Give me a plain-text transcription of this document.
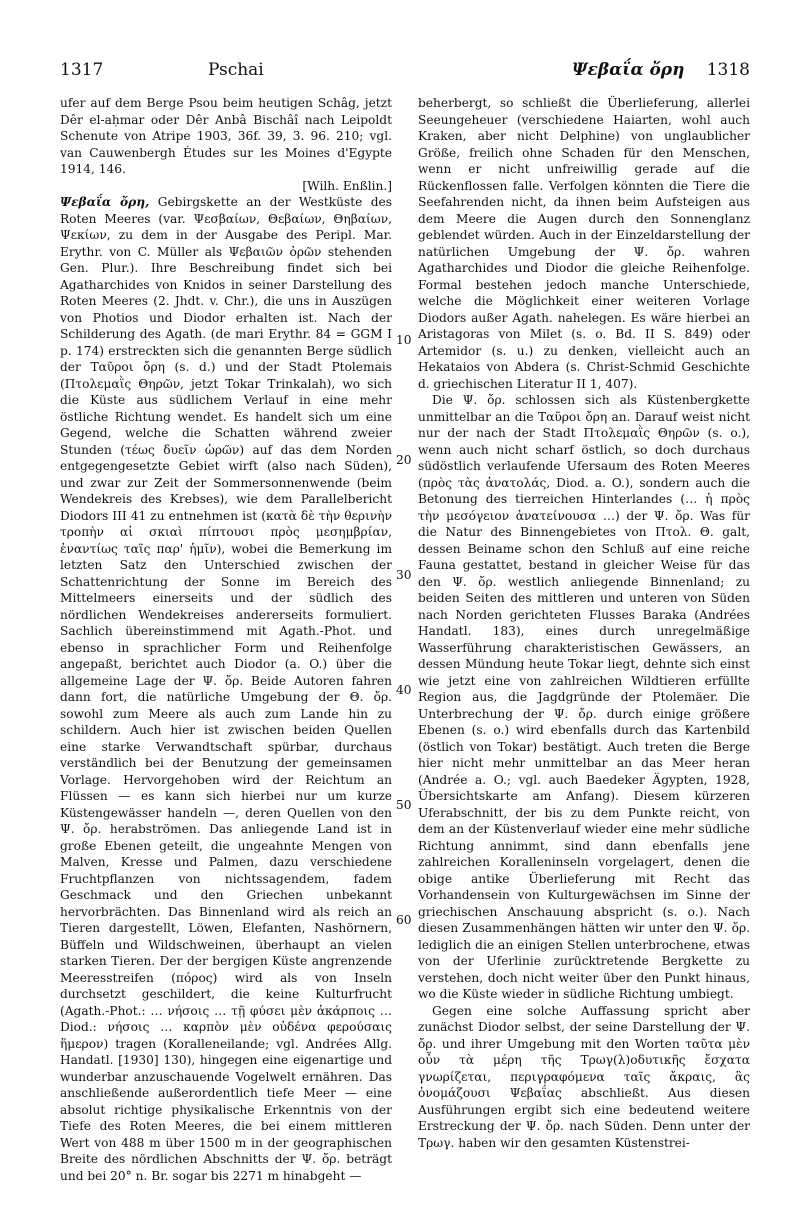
1317	Pschai	Ψεβαΐα ὄρη 1318

ufer auf dem Berge Psou beim heutigen Schâg, jetzt Dêr el-aḥmar oder Dêr Anbâ Bischâî nach Leipoldt Schenute von Atripe 1903, 36f. 39, 3. 96. 210; vgl. van Cauwenbergh Études sur les Moines d'Egypte 1914, 146.

[Wilh. Enßlin.]

Ψεβαΐα ὄρη, Gebirgskette an der Westküste des Roten Meeres (var. Ψεσβαίων, Θεβαίων, Θηβαίων, Ψεκίων, zu dem in der Ausgabe des Peripl. Mar. Erythr. von C. Müller als Ψεβαιῶν ὀρῶν stehenden Gen. Plur.). Ihre Beschreibung findet sich bei Agatharchides von Knidos in seiner Darstellung des Roten Meeres (2. Jhdt. v. Chr.), die uns in Auszügen von Photios und Diodor erhalten ist. Nach der Schilderung des Agath. (de mari Erythr. 84 = GGM I p. 174) erstreckten sich die genannten Berge südlich der Ταῦροι ὄρη (s. d.) und der Stadt Ptolemais (Πτολεμαῒς Θηρῶν, jetzt Tokar Trinkalah), wo sich die Küste aus südlichem Verlauf in eine mehr östliche Richtung wendet. Es handelt sich um eine Gegend, welche die Schatten während zweier Stunden (τέως δυεῖν ὡρῶν) auf das dem Norden entgegengesetzte Gebiet wirft (also nach Süden), und zwar zur Zeit der Sommersonnenwende (beim Wendekreis des Krebses), wie dem Parallelbericht Diodors III 41 zu entnehmen ist (κατὰ δὲ τὴν θερινὴν τροπὴν αἱ σκιαὶ πίπτουσι πρὸς μεσημβρίαν, ἐναντίως ταῖς παρ' ἡμῖν), wobei die Bemerkung im letzten Satz den Unterschied zwischen der Schattenrichtung der Sonne im Bereich des Mittelmeers einerseits und der südlich des nördlichen Wendekreises andererseits formuliert. Sachlich übereinstimmend mit Agath.-Phot. und ebenso in sprachlicher Form und Reihenfolge angepaßt, berichtet auch Diodor (a. O.) über die allgemeine Lage der Ψ. ὄρ. Beide Autoren fahren dann fort, die natürliche Umgebung der Θ. ὄρ. sowohl zum Meere als auch zum Lande hin zu schildern. Auch hier ist zwischen beiden Quellen eine starke Verwandtschaft spürbar, durchaus verständlich bei der Benutzung der gemeinsamen Vorlage. Hervorgehoben wird der Reichtum an Flüssen — es kann sich hierbei nur um kurze Küstengewässer handeln —, deren Quellen von den Ψ. ὄρ. herabströmen. Das anliegende Land ist in große Ebenen geteilt, die ungeahnte Mengen von Malven, Kresse und Palmen, dazu verschiedene Fruchtpflanzen von nichtssagendem, fadem Geschmack und den Griechen unbekannt hervorbrächten. Das Binnenland wird als reich an Tieren dargestellt, Löwen, Elefanten, Nashörnern, Büffeln und Wildschweinen, überhaupt an vielen starken Tieren. Der der bergigen Küste angrenzende Meeresstreifen (πόρος) wird als von Inseln durchsetzt geschildert, die keine Kulturfrucht (Agath.-Phot.: … νήσοις … τῇ φύσει μὲν ἀκάρποις … Diod.: νήσοις … καρπὸν μὲν οὐδένα φερούσαις ἥμερον) tragen (Koralleneilande; vgl. Andrées Allg. Handatl. [1930] 130), hingegen eine eigenartige und wunderbar anzuschauende Vogelwelt ernähren. Das anschließende außerordentlich tiefe Meer — eine absolut richtige physikalische Erkenntnis von der Tiefe des Roten Meeres, die bei einem mittleren Wert von 488 m über 1500 m in der geographischen Breite des nördlichen Abschnitts der Ψ. ὄρ. beträgt und bei 20° n. Br. sogar bis 2271 m hinabgeht —

10
20
30
40
50
60

beherbergt, so schließt die Überlieferung, allerlei Seeungeheuer (verschiedene Haiarten, wohl auch Kraken, aber nicht Delphine) von unglaublicher Größe, freilich ohne Schaden für den Menschen, wenn er nicht unfreiwillig gerade auf die Rückenflossen falle. Verfolgen könnten die Tiere die Seefahrenden nicht, da ihnen beim Aufsteigen aus dem Meere die Augen durch den Sonnenglanz geblendet würden. Auch in der Einzeldarstellung der natürlichen Umgebung der Ψ. ὄρ. wahren Agatharchides und Diodor die gleiche Reihenfolge. Formal bestehen jedoch manche Unterschiede, welche die Möglichkeit einer weiteren Vorlage Diodors außer Agath. nahelegen. Es wäre hierbei an Aristagoras von Milet (s. o. Bd. II S. 849) oder Artemidor (s. u.) zu denken, vielleicht auch an Hekataios von Abdera (s. Christ-Schmid Geschichte d. griechischen Literatur II 1, 407).

Die Ψ. ὄρ. schlossen sich als Küstenbergkette unmittelbar an die Ταῦροι ὄρη an. Darauf weist nicht nur der nach der Stadt Πτολεμαῒς Θηρῶν (s. o.), wenn auch nicht scharf östlich, so doch durchaus südöstlich verlaufende Ufersaum des Roten Meeres (πρὸς τὰς ἀνατολάς, Diod. a. O.), sondern auch die Betonung des tierreichen Hinterlandes (… ἡ πρὸς τὴν μεσόγειον ἀνατείνουσα …) der Ψ. ὄρ. Was für die Natur des Binnengebietes von Πτολ. Θ. galt, dessen Beiname schon den Schluß auf eine reiche Fauna gestattet, bestand in gleicher Weise für das den Ψ. ὄρ. westlich anliegende Binnenland; zu beiden Seiten des mittleren und unteren von Süden nach Norden gerichteten Flusses Baraka (Andrées Handatl. 183), eines durch unregelmäßige Wasserführung charakteristischen Gewässers, an dessen Mündung heute Tokar liegt, dehnte sich einst wie jetzt eine von zahlreichen Wildtieren erfüllte Region aus, die Jagdgründe der Ptolemäer. Die Unterbrechung der Ψ. ὄρ. durch einige größere Ebenen (s. o.) wird ebenfalls durch das Kartenbild (östlich von Tokar) bestätigt. Auch treten die Berge hier nicht mehr unmittelbar an das Meer heran (Andrée a. O.; vgl. auch Baedeker Ägypten, 1928, Übersichtskarte am Anfang). Diesem kürzeren Uferabschnitt, der bis zu dem Punkte reicht, von dem an der Küstenverlauf wieder eine mehr südliche Richtung annimmt, sind dann ebenfalls jene zahlreichen Koralleninseln vorgelagert, denen die obige antike Überlieferung mit Recht das Vorhandensein von Kulturgewächsen im Sinne der griechischen Anschauung abspricht (s. o.). Nach diesen Zusammenhängen hätten wir unter den Ψ. ὄρ. lediglich die an einigen Stellen unterbrochene, etwas von der Uferlinie zurücktretende Bergkette zu verstehen, doch nicht weiter über den Punkt hinaus, wo die Küste wieder in südliche Richtung umbiegt.

Gegen eine solche Auffassung spricht aber zunächst Diodor selbst, der seine Darstellung der Ψ. ὄρ. und ihrer Umgebung mit den Worten ταῦτα μὲν οὖν τὰ μέρη τῆς Τρωγ(λ)οδυτικῆς ἔσχατα γνωρίζεται, περιγραφόμενα ταῖς ἄκραις, ἃς ὀνομάζουσι Ψεβαΐας abschließt. Aus diesen Ausführungen ergibt sich eine bedeutend weitere Erstreckung der Ψ. ὄρ. nach Süden. Denn unter der Τρωγ. haben wir den gesamten Küstenstrei-
